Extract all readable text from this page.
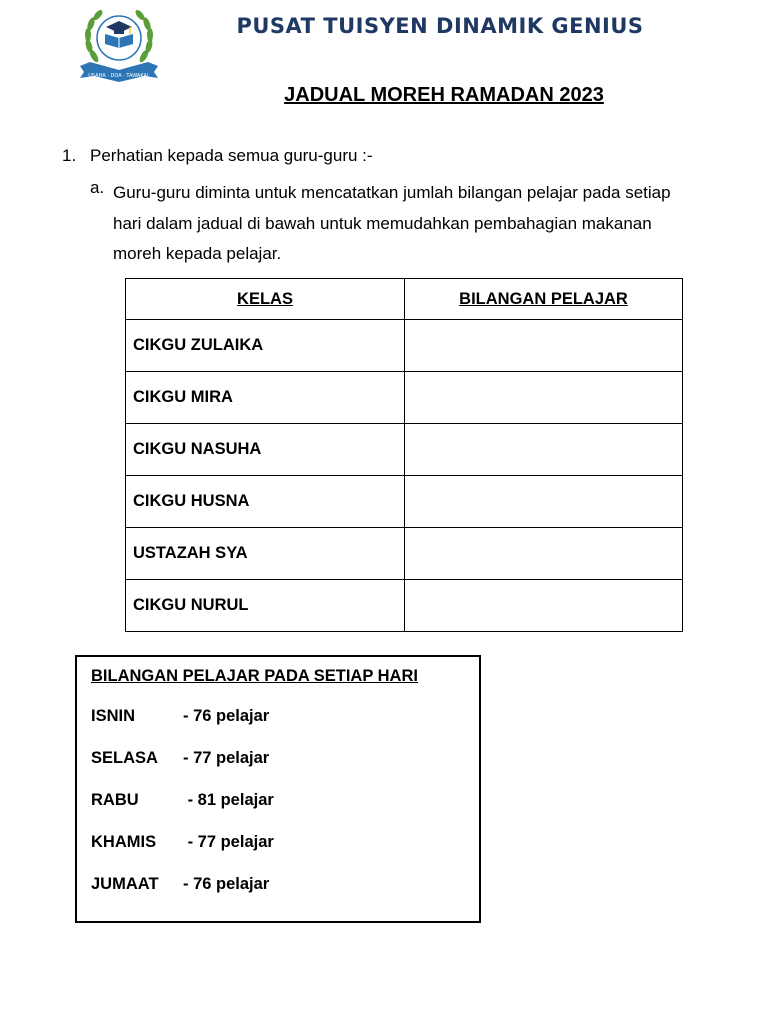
USAHA · DOA · TAWAKAL
PUSAT TUISYEN DINAMIK GENIUS
JADUAL MOREH RAMADAN 2023
1. Perhatian kepada semua guru-guru :-
a. Guru-guru diminta untuk mencatatkan jumlah bilangan pelajar pada setiap hari dalam jadual di bawah untuk memudahkan pembahagian makanan moreh kepada pelajar.
KELAS	BILANGAN PELAJAR
CIKGU ZULAIKA	
CIKGU MIRA	
CIKGU NASUHA	
CIKGU HUSNA	
USTAZAH SYA	
CIKGU NURUL	
BILANGAN PELAJAR PADA SETIAP HARI
ISNIN	- 76 pelajar
SELASA - 77 pelajar
RABU	- 81 pelajar
KHAMIS - 77 pelajar
JUMAAT - 76 pelajar
